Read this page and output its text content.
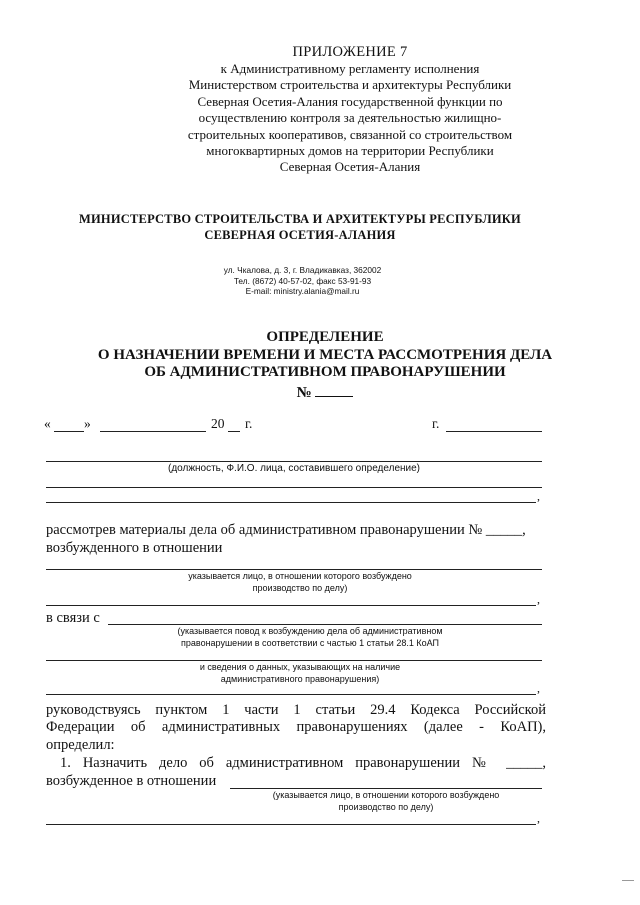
ПРИЛОЖЕНИЕ 7
к Административному регламенту исполнения
Министерством строительства и архитектуры Республики
Северная Осетия-Алания государственной функции по
осуществлению контроля за деятельностью жилищно-
строительных кооперативов, связанной со строительством
многоквартирных домов на территории Республики
Северная Осетия-Алания
МИНИСТЕРСТВО СТРОИТЕЛЬСТВА И АРХИТЕКТУРЫ РЕСПУБЛИКИ
СЕВЕРНАЯ ОСЕТИЯ-АЛАНИЯ
ул. Чкалова, д. 3, г. Владикавказ, 362002
Тел. (8672) 40-57-02, факс 53-91-93
E-mail: ministry.alania@mail.ru
ОПРЕДЕЛЕНИЕ
О НАЗНАЧЕНИИ ВРЕМЕНИ И МЕСТА РАССМОТРЕНИЯ ДЕЛА
ОБ АДМИНИСТРАТИВНОМ ПРАВОНАРУШЕНИИ
№
« »	20 г.	г.
(должность, Ф.И.О. лица, составившего определение)
,
рассмотрев материалы дела об административном правонарушении № _____,
возбужденного в отношении
указывается лицо, в отношении которого возбуждено
производство по делу)
,
в связи с
(указывается повод к возбуждению дела об административном
правонарушении в соответствии с частью 1 статьи 28.1 КоАП
и сведения о данных, указывающих на наличие
административного правонарушения)
,
руководствуясь пунктом 1 части 1 статьи 29.4 Кодекса Российской
Федерации об административных правонарушениях (далее - КоАП),
определил:
1. Назначить дело об административном правонарушении № _____,
возбужденное в отношении
(указывается лицо, в отношении которого возбуждено
производство по делу)
,
